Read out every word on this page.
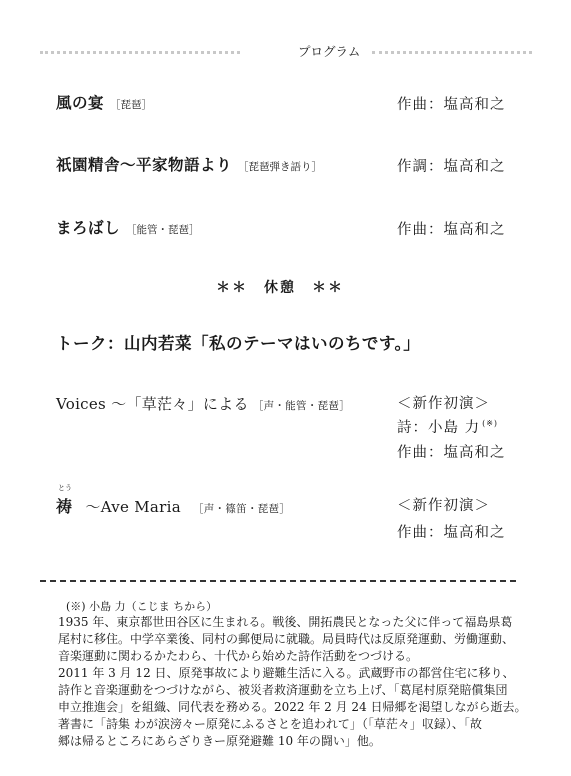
プログラム
風の宴 ［琵琶］	作曲：塩高和之
祇園精舎〜平家物語より ［琵琶弾き語り］	作調：塩高和之
まろばし ［能管・琵琶］	作曲：塩高和之
＊＊　休憩　＊＊
トーク：山内若菜「私のテーマはいのちです。」
Voices 〜「草茫々」による ［声・能管・琵琶］	＜新作初演＞
詩：小島 力 (※)
作曲：塩高和之
とう
祷 〜Ave Maria ［声・篠笛・琵琶］	＜新作初演＞
作曲：塩高和之
(※) 小島 力（こじま ちから）
1935 年、東京都世田谷区に生まれる。戦後、開拓農民となった父に伴って福島県葛
尾村に移住。中学卒業後、同村の郵便局に就職。局員時代は反原発運動、労働運動、
音楽運動に関わるかたわら、十代から始めた詩作活動をつづける。
2011 年 3 月 12 日、原発事故により避難生活に入る。武蔵野市の都営住宅に移り、
詩作と音楽運動をつづけながら、被災者救済運動を立ち上げ、「葛尾村原発賠償集団
申立推進会」を組織、同代表を務める。2022 年 2 月 24 日帰郷を渇望しながら逝去。
著書に「詩集 わが涙滂々ー原発にふるさとを追われて」（「草茫々」収録）、「故
郷は帰るところにあらざりきー原発避難 10 年の闘い」他。
